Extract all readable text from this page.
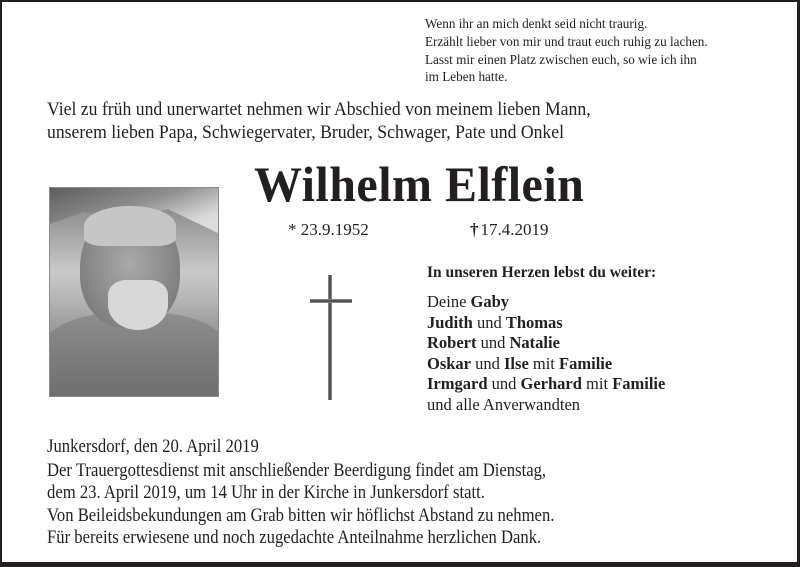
Wenn ihr an mich denkt seid nicht traurig.
Erzählt lieber von mir und traut euch ruhig zu lachen.
Lasst mir einen Platz zwischen euch, so wie ich ihn
im Leben hatte.
Viel zu früh und unerwartet nehmen wir Abschied von meinem lieben Mann,
unserem lieben Papa, Schwiegervater, Bruder, Schwager, Pate und Onkel
Wilhelm Elflein
* 23.9.1952	† 17.4.2019
In unseren Herzen lebst du weiter:
Deine Gaby
Judith und Thomas
Robert und Natalie
Oskar und Ilse mit Familie
Irmgard und Gerhard mit Familie
und alle Anverwandten
Junkersdorf, den 20. April 2019
Der Trauergottesdienst mit anschließender Beerdigung findet am Dienstag,
dem 23. April 2019, um 14 Uhr in der Kirche in Junkersdorf statt.
Von Beileidsbekundungen am Grab bitten wir höflichst Abstand zu nehmen.
Für bereits erwiesene und noch zugedachte Anteilnahme herzlichen Dank.
